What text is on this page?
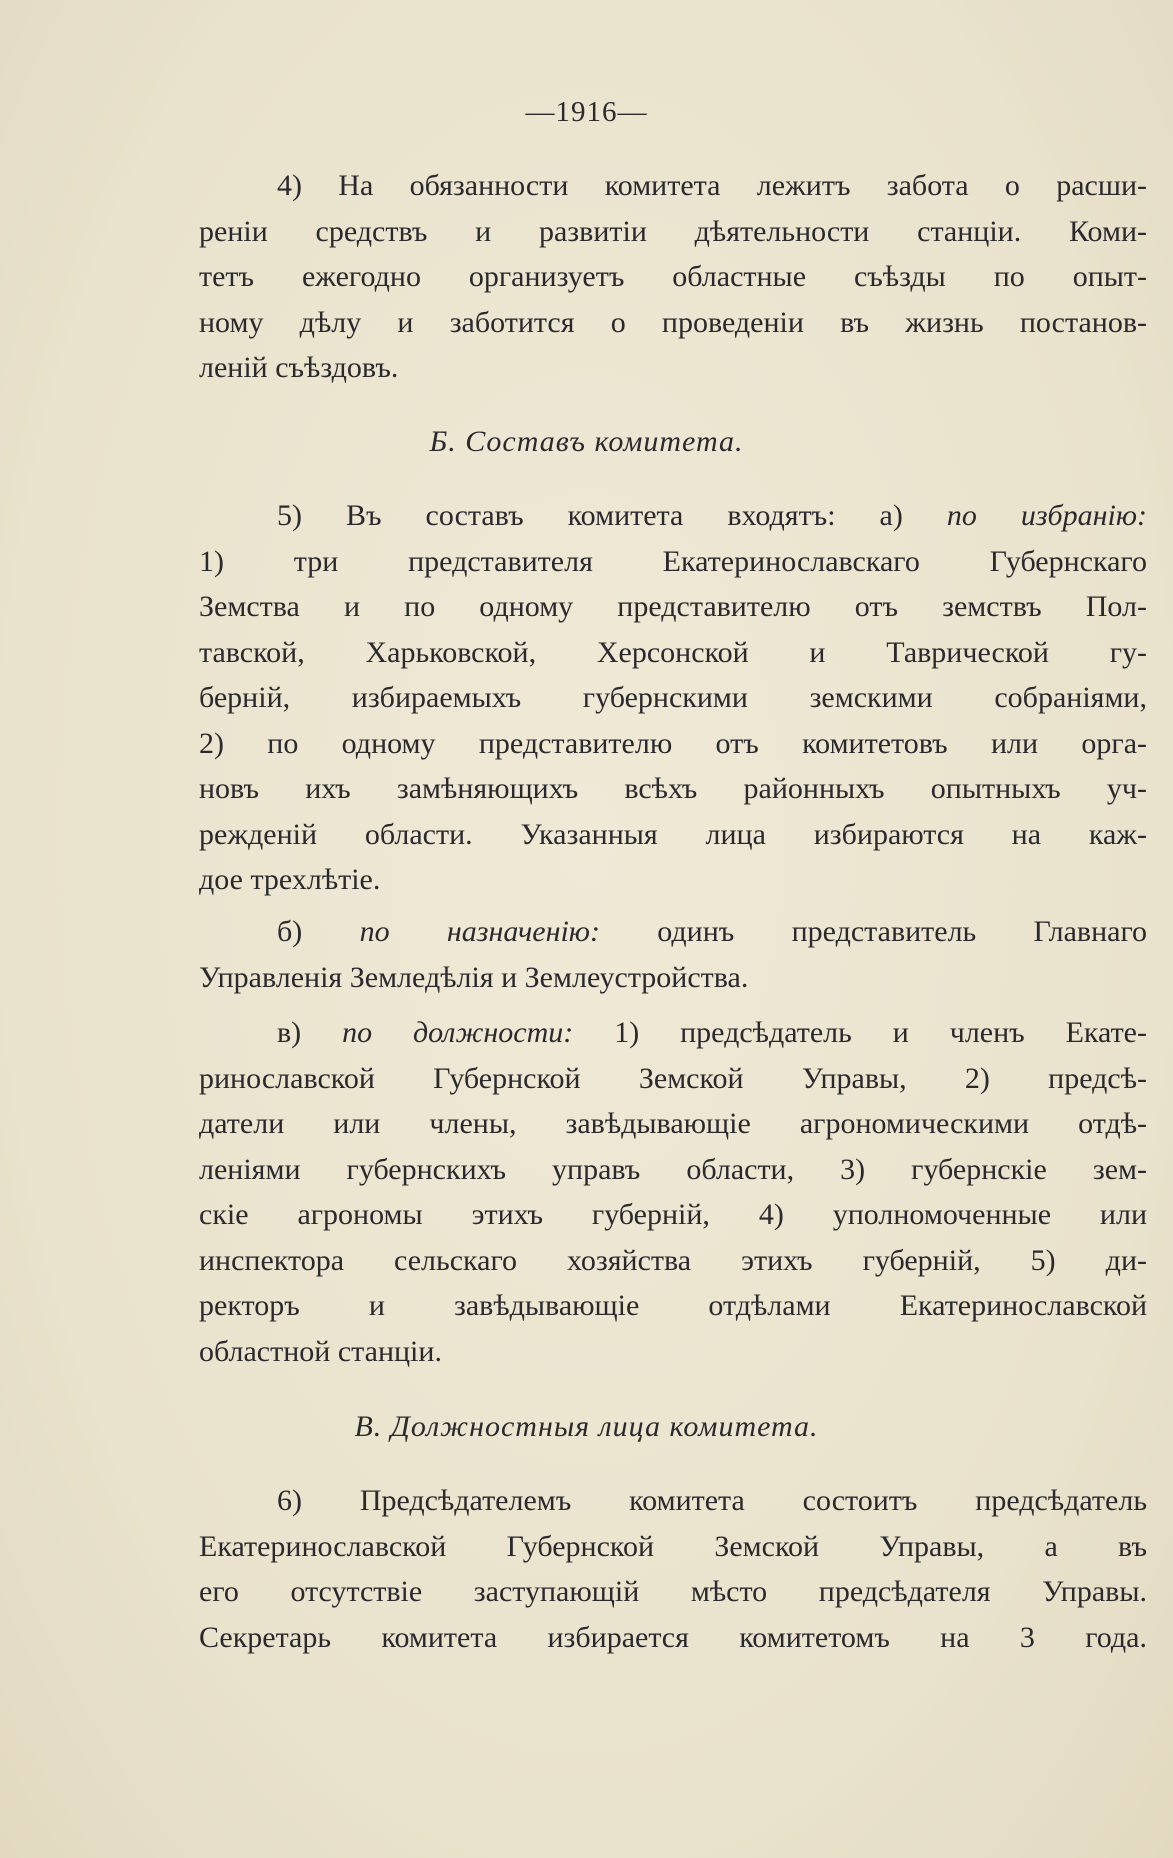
—1916—
4) На обязанности комитета лежитъ забота о расши-
реніи средствъ и развитіи дѣятельности станціи. Коми-
тетъ ежегодно организуетъ областные съѣзды по опыт-
ному дѣлу и заботится о проведеніи въ жизнь постанов-
леній съѣздовъ.
Б. Составъ комитета.
5) Въ составъ комитета входятъ: а) по избранію:
1) три представителя Екатеринославскаго Губернскаго
Земства и по одному представителю отъ земствъ Пол-
тавской, Харьковской, Херсонской и Таврической гу-
берній, избираемыхъ губернскими земскими собраніями,
2) по одному представителю отъ комитетовъ или орга-
новъ ихъ замѣняющихъ всѣхъ районныхъ опытныхъ уч-
режденій области. Указанныя лица избираются на каж-
дое трехлѣтіе.
б) по назначенію: одинъ представитель Главнаго
Управленія Земледѣлія и Землеустройства.
в) по должности: 1) предсѣдатель и членъ Екате-
ринославской Губернской Земской Управы, 2) предсѣ-
датели или члены, завѣдывающіе агрономическими отдѣ-
леніями губернскихъ управъ области, 3) губернскіе зем-
скіе агрономы этихъ губерній, 4) уполномоченные или
инспектора сельскаго хозяйства этихъ губерній, 5) ди-
ректоръ и завѣдывающіе отдѣлами Екатеринославской
областной станціи.
В. Должностныя лица комитета.
6) Предсѣдателемъ комитета состоитъ предсѣдатель
Екатеринославской Губернской Земской Управы, а въ
его отсутствіе заступающій мѣсто предсѣдателя Управы.
Секретарь комитета избирается комитетомъ на 3 года.
